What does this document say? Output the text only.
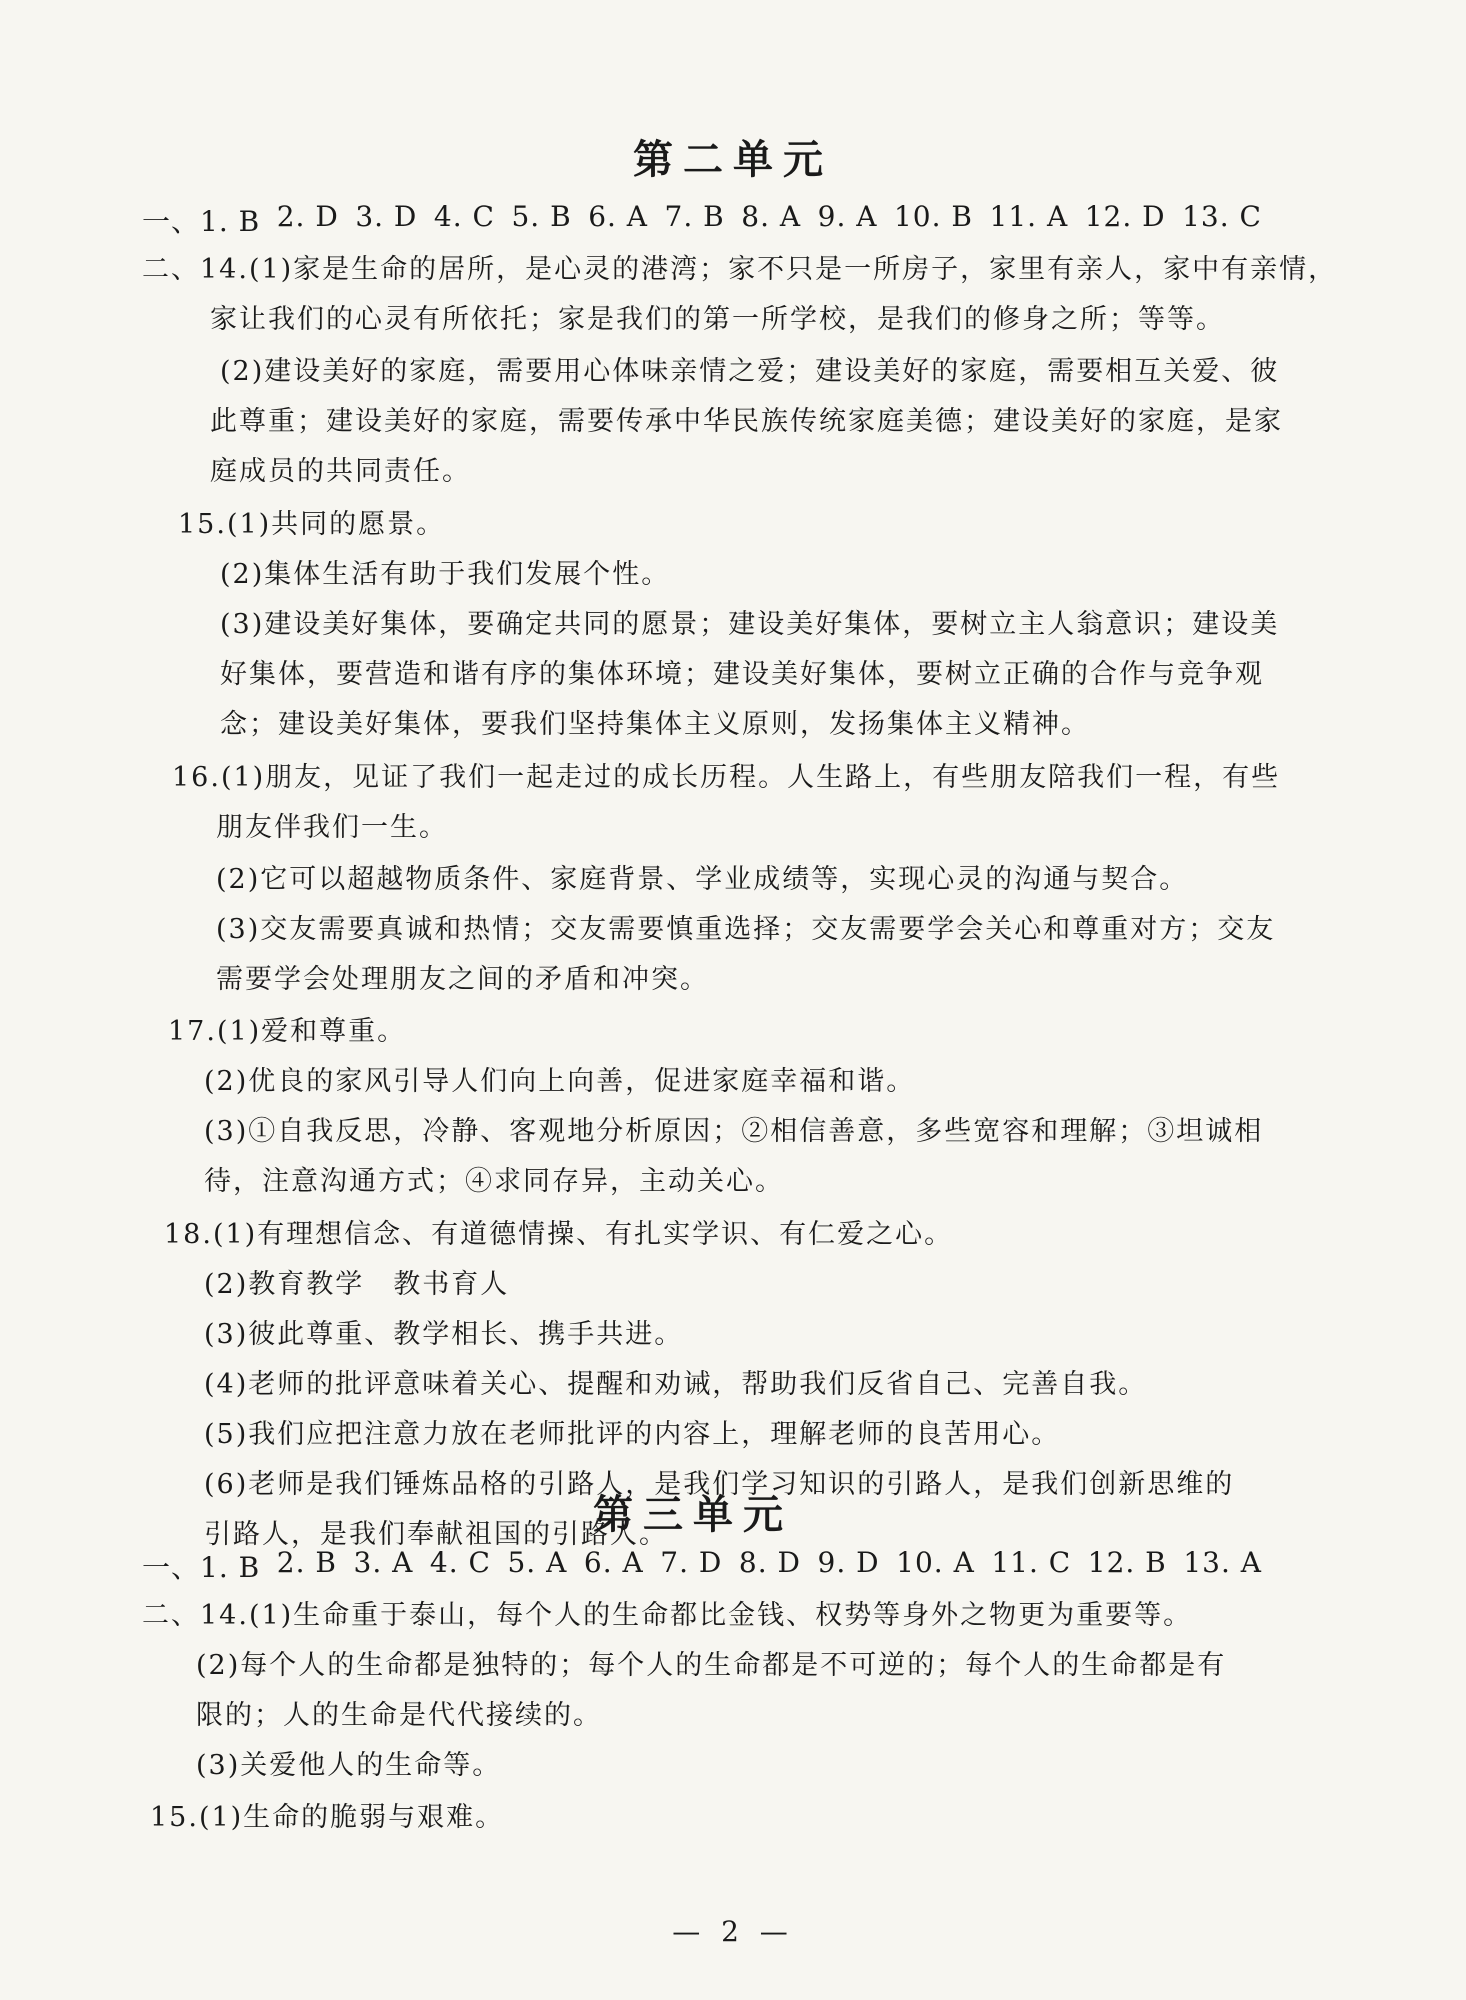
第二单元
一、1. B 2. D 3. D 4. C 5. B 6. A 7. B 8. A 9. A 10. B 11. A 12. D 13. C
二、14.(1)家是生命的居所，是心灵的港湾；家不只是一所房子，家里有亲人，家中有亲情，
家让我们的心灵有所依托；家是我们的第一所学校，是我们的修身之所；等等。
(2)建设美好的家庭，需要用心体味亲情之爱；建设美好的家庭，需要相互关爱、彼
此尊重；建设美好的家庭，需要传承中华民族传统家庭美德；建设美好的家庭，是家
庭成员的共同责任。
15.(1)共同的愿景。
(2)集体生活有助于我们发展个性。
(3)建设美好集体，要确定共同的愿景；建设美好集体，要树立主人翁意识；建设美
好集体，要营造和谐有序的集体环境；建设美好集体，要树立正确的合作与竞争观
念；建设美好集体，要我们坚持集体主义原则，发扬集体主义精神。
16.(1)朋友，见证了我们一起走过的成长历程。人生路上，有些朋友陪我们一程，有些
朋友伴我们一生。
(2)它可以超越物质条件、家庭背景、学业成绩等，实现心灵的沟通与契合。
(3)交友需要真诚和热情；交友需要慎重选择；交友需要学会关心和尊重对方；交友
需要学会处理朋友之间的矛盾和冲突。
17.(1)爱和尊重。
(2)优良的家风引导人们向上向善，促进家庭幸福和谐。
(3)①自我反思，冷静、客观地分析原因；②相信善意，多些宽容和理解；③坦诚相
待，注意沟通方式；④求同存异，主动关心。
18.(1)有理想信念、有道德情操、有扎实学识、有仁爱之心。
(2)教育教学　教书育人
(3)彼此尊重、教学相长、携手共进。
(4)老师的批评意味着关心、提醒和劝诫，帮助我们反省自己、完善自我。
(5)我们应把注意力放在老师批评的内容上，理解老师的良苦用心。
(6)老师是我们锤炼品格的引路人，是我们学习知识的引路人，是我们创新思维的
引路人，是我们奉献祖国的引路人。
第三单元
一、1. B 2. B 3. A 4. C 5. A 6. A 7. D 8. D 9. D 10. A 11. C 12. B 13. A
二、14.(1)生命重于泰山，每个人的生命都比金钱、权势等身外之物更为重要等。
(2)每个人的生命都是独特的；每个人的生命都是不可逆的；每个人的生命都是有
限的；人的生命是代代接续的。
(3)关爱他人的生命等。
15.(1)生命的脆弱与艰难。
— 2 —
